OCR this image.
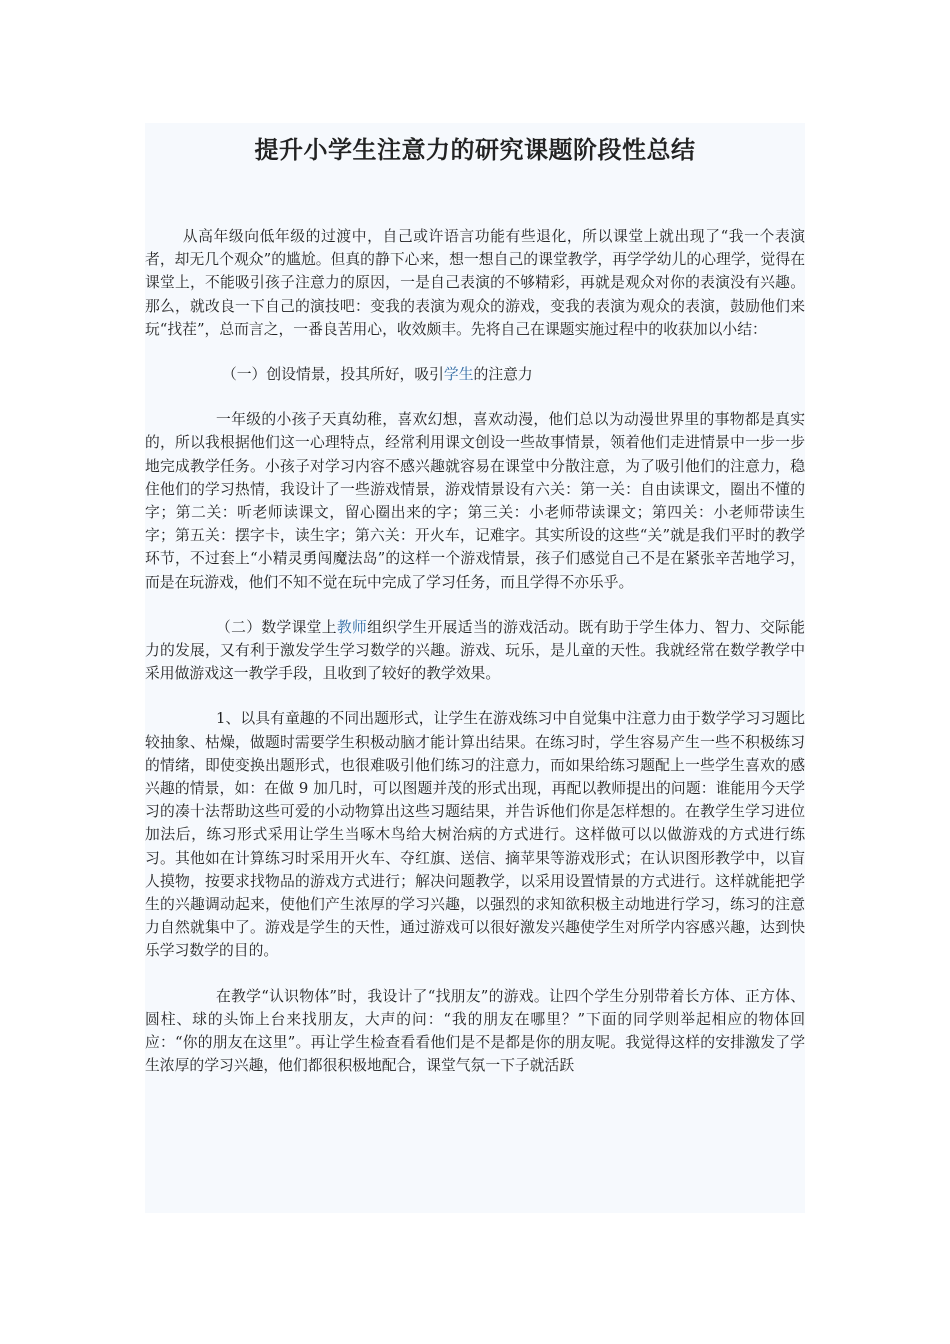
提升小学生注意力的研究课题阶段性总结

从高年级向低年级的过渡中，自己或许语言功能有些退化，所以课堂上就出现了“我一个表演者，却无几个观众”的尴尬。但真的静下心来，想一想自己的课堂教学，再学学幼儿的心理学，觉得在课堂上，不能吸引孩子注意力的原因，一是自己表演的不够精彩，再就是观众对你的表演没有兴趣。那么，就改良一下自己的演技吧：变我的表演为观众的游戏，变我的表演为观众的表演，鼓励他们来玩“找茬”，总而言之，一番良苦用心，收效颇丰。先将自己在课题实施过程中的收获加以小结：

（一）创设情景，投其所好，吸引学生的注意力

一年级的小孩子天真幼稚，喜欢幻想，喜欢动漫，他们总以为动漫世界里的事物都是真实的，所以我根据他们这一心理特点，经常利用课文创设一些故事情景，领着他们走进情景中一步一步地完成教学任务。小孩子对学习内容不感兴趣就容易在课堂中分散注意，为了吸引他们的注意力，稳住他们的学习热情，我设计了一些游戏情景，游戏情景设有六关：第一关：自由读课文，圈出不懂的字；第二关：听老师读课文，留心圈出来的字；第三关：小老师带读课文；第四关：小老师带读生字；第五关：摆字卡，读生字；第六关：开火车，记难字。其实所设的这些“关”就是我们平时的教学环节，不过套上“小精灵勇闯魔法岛”的这样一个游戏情景，孩子们感觉自己不是在紧张辛苦地学习，而是在玩游戏，他们不知不觉在玩中完成了学习任务，而且学得不亦乐乎。

（二）数学课堂上教师组织学生开展适当的游戏活动。既有助于学生体力、智力、交际能力的发展，又有利于激发学生学习数学的兴趣。游戏、玩乐，是儿童的天性。我就经常在数学教学中采用做游戏这一教学手段，且收到了较好的教学效果。

1、以具有童趣的不同出题形式，让学生在游戏练习中自觉集中注意力由于数学学习习题比较抽象、枯燥，做题时需要学生积极动脑才能计算出结果。在练习时，学生容易产生一些不积极练习的情绪，即使变换出题形式，也很难吸引他们练习的注意力，而如果给练习题配上一些学生喜欢的感兴趣的情景，如：在做 9 加几时，可以图题并茂的形式出现，再配以教师提出的问题：谁能用今天学习的凑十法帮助这些可爱的小动物算出这些习题结果，并告诉他们你是怎样想的。在教学生学习进位加法后，练习形式采用让学生当啄木鸟给大树治病的方式进行。这样做可以以做游戏的方式进行练习。其他如在计算练习时采用开火车、夺红旗、送信、摘苹果等游戏形式；在认识图形教学中，以盲人摸物，按要求找物品的游戏方式进行；解决问题教学，以采用设置情景的方式进行。这样就能把学生的兴趣调动起来，使他们产生浓厚的学习兴趣，以强烈的求知欲积极主动地进行学习，练习的注意力自然就集中了。游戏是学生的天性，通过游戏可以很好激发兴趣使学生对所学内容感兴趣，达到快乐学习数学的目的。

在教学“认识物体”时，我设计了“找朋友”的游戏。让四个学生分别带着长方体、正方体、圆柱、球的头饰上台来找朋友，大声的问：“我的朋友在哪里？”下面的同学则举起相应的物体回应：“你的朋友在这里”。再让学生检查看看他们是不是都是你的朋友呢。我觉得这样的安排激发了学生浓厚的学习兴趣，他们都很积极地配合，课堂气氛一下子就活跃
